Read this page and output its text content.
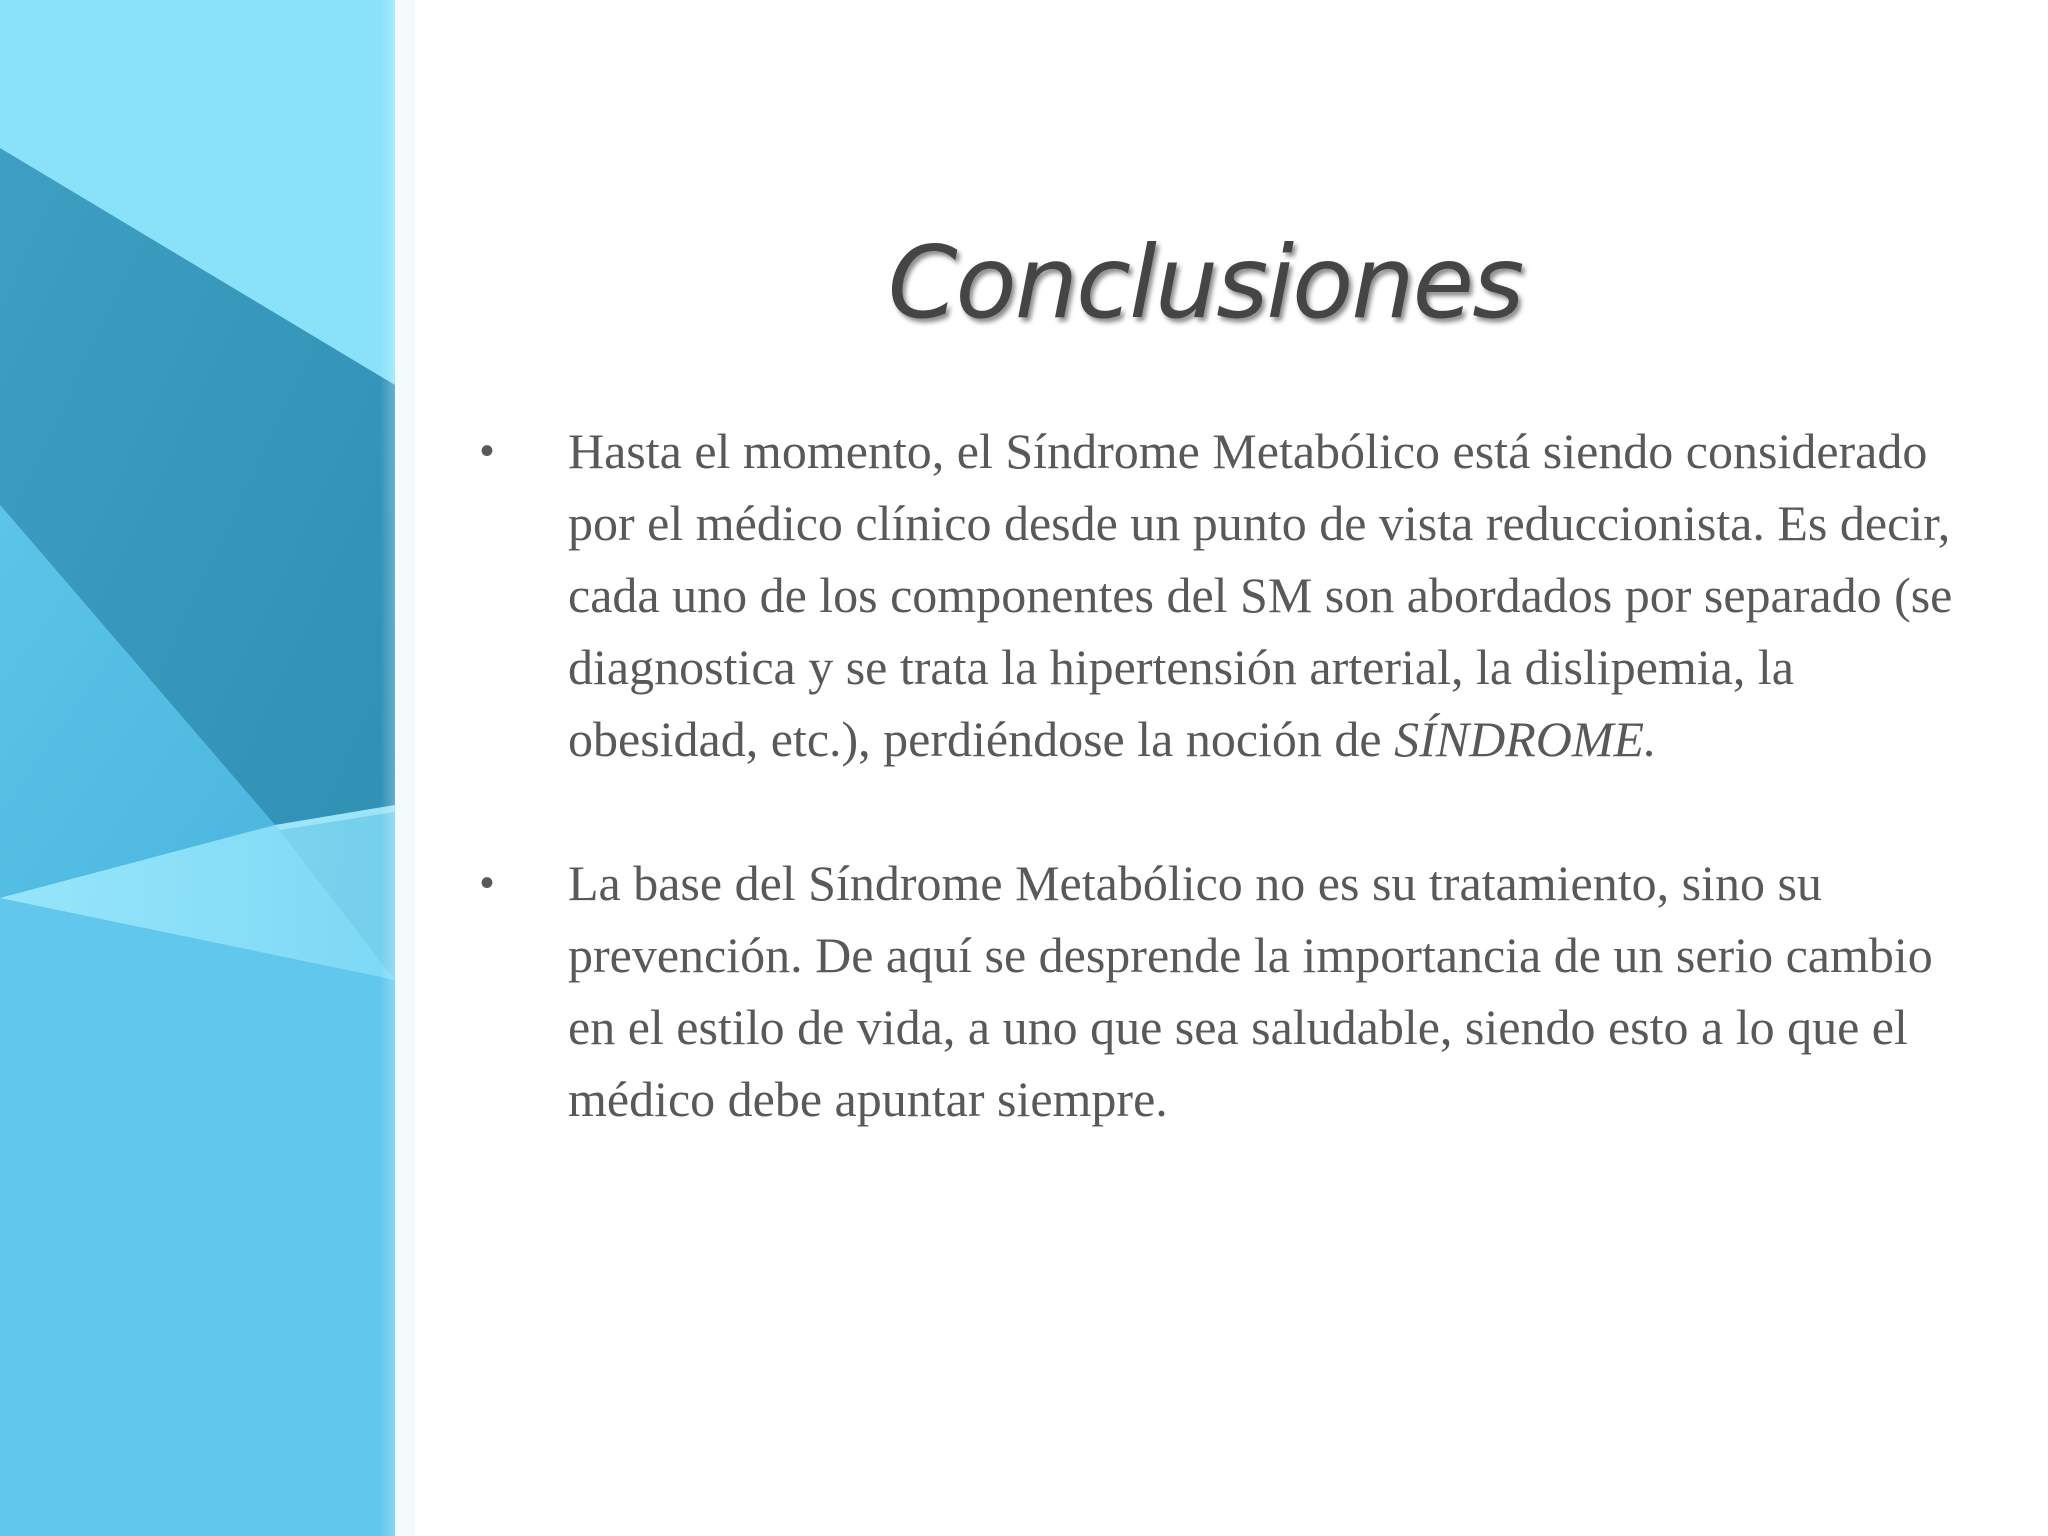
Conclusiones

•	Hasta el momento, el Síndrome Metabólico está siendo considerado por el médico clínico desde un punto de vista reduccionista. Es decir, cada uno de los componentes del SM son abordados por separado (se diagnostica y se trata la hipertensión arterial, la dislipemia, la obesidad, etc.), perdiéndose la noción de SÍNDROME.

•	La base del Síndrome Metabólico no es su tratamiento, sino su prevención. De aquí se desprende la importancia de un serio cambio en el estilo de vida, a uno que sea saludable, siendo esto a lo que el médico debe apuntar siempre.
